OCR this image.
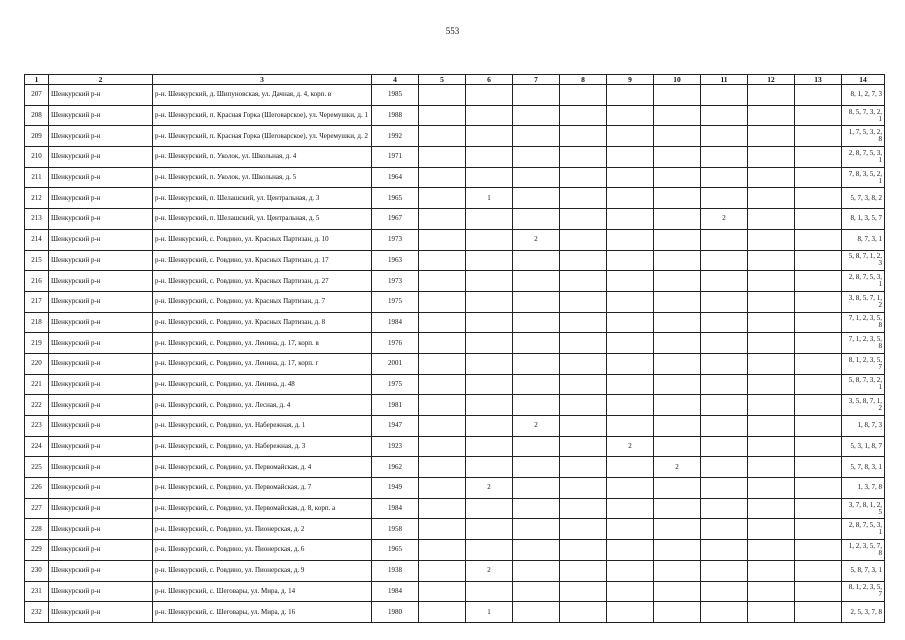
553
1	2	3	4	5	6	7	8	9	10	11	12	13	14
207	Шенкурский р-н	р-н. Шенкурский, д. Шипуновская, ул. Дачная, д. 4, корп. в	1985										8, 1, 2, 7, 3
208	Шенкурский р-н	р-н. Шенкурский, п. Красная Горка (Шеговарское), ул. Черемушки, д. 1	1988										8, 5, 7, 3, 2, 1
209	Шенкурский р-н	р-н. Шенкурский, п. Красная Горка (Шеговарское), ул. Черемушки, д. 2	1992										1, 7, 5, 3, 2, 8
210	Шенкурский р-н	р-н. Шенкурский, п. Уколок, ул. Школьная, д. 4	1971										2, 8, 7, 5, 3, 1
211	Шенкурский р-н	р-н. Шенкурский, п. Уколок, ул. Школьная, д. 5	1964										7, 8, 3, 5, 2, 1
212	Шенкурский р-н	р-н. Шенкурский, п. Шелашский, ул. Центральная, д. 3	1965		1								5, 7, 3, 8, 2
213	Шенкурский р-н	р-н. Шенкурский, п. Шелашский, ул. Центральная, д. 5	1967							2			8, 1, 3, 5, 7
214	Шенкурский р-н	р-н. Шенкурский, с. Ровдино, ул. Красных Партизан, д. 10	1973			2							8, 7, 3, 1
215	Шенкурский р-н	р-н. Шенкурский, с. Ровдино, ул. Красных Партизан, д. 17	1963										5, 8, 7, 1, 2, 3
216	Шенкурский р-н	р-н. Шенкурский, с. Ровдино, ул. Красных Партизан, д. 27	1973										2, 8, 7, 5, 3, 1
217	Шенкурский р-н	р-н. Шенкурский, с. Ровдино, ул. Красных Партизан, д. 7	1975										3, 8, 5, 7, 1, 2
218	Шенкурский р-н	р-н. Шенкурский, с. Ровдино, ул. Красных Партизан, д. 8	1984										7, 1, 2, 3, 5, 8
219	Шенкурский р-н	р-н. Шенкурский, с. Ровдино, ул. Ленина, д. 17, корп. в	1976										7, 1, 2, 3, 5, 8
220	Шенкурский р-н	р-н. Шенкурский, с. Ровдино, ул. Ленина, д. 17, корп. г	2001										8, 1, 2, 3, 5, 7
221	Шенкурский р-н	р-н. Шенкурский, с. Ровдино, ул. Ленина, д. 48	1975										5, 8, 7, 3, 2, 1
222	Шенкурский р-н	р-н. Шенкурский, с. Ровдино, ул. Лесная, д. 4	1981										3, 5, 8, 7, 1, 2
223	Шенкурский р-н	р-н. Шенкурский, с. Ровдино, ул. Набережная, д. 1	1947			2							1, 8, 7, 3
224	Шенкурский р-н	р-н. Шенкурский, с. Ровдино, ул. Набережная, д. 3	1923					2					5, 3, 1, 8, 7
225	Шенкурский р-н	р-н. Шенкурский, с. Ровдино, ул. Первомайская, д. 4	1962						2				5, 7, 8, 3, 1
226	Шенкурский р-н	р-н. Шенкурский, с. Ровдино, ул. Первомайская, д. 7	1949		2								1, 3, 7, 8
227	Шенкурский р-н	р-н. Шенкурский, с. Ровдино, ул. Первомайская, д. 8, корп. а	1984										3, 7, 8, 1, 2, 5
228	Шенкурский р-н	р-н. Шенкурский, с. Ровдино, ул. Пионерская, д. 2	1958										2, 8, 7, 5, 3, 1
229	Шенкурский р-н	р-н. Шенкурский, с. Ровдино, ул. Пионерская, д. 6	1965										1, 2, 3, 5, 7, 8
230	Шенкурский р-н	р-н. Шенкурский, с. Ровдино, ул. Пионерская, д. 9	1938		2								5, 8, 7, 3, 1
231	Шенкурский р-н	р-н. Шенкурский, с. Шеговары, ул. Мира, д. 14	1984										8, 1, 2, 3, 5, 7
232	Шенкурский р-н	р-н. Шенкурский, с. Шеговары, ул. Мира, д. 16	1980		1								2, 5, 3, 7, 8
